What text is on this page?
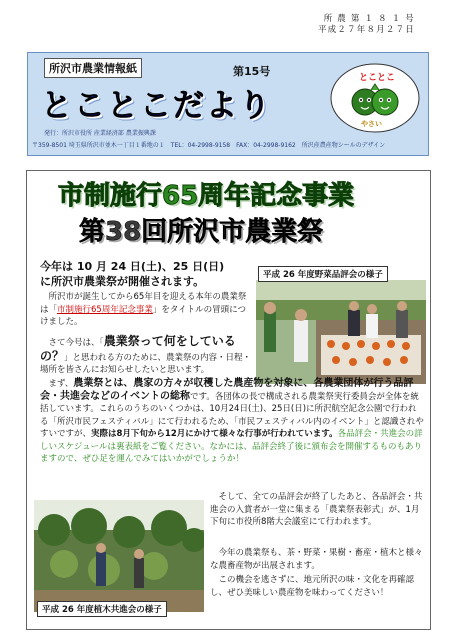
所 農 第 １ ８ １ 号
平成２７年８月２７日
所沢市農業情報紙	第15号
とことこだより
発行：所沢市役所 産業経済部 農業振興課
〒359-8501 埼玉県所沢市並木一丁目１番地の１　TEL：04-2998-9158　FAX：04-2998-9162　所沢産農産物シールのデザイン
とことこ
やさい
市制施行65周年記念事業
第38回所沢市農業祭
今年は 10 月 24 日(土)、25 日(日)
に所沢市農業祭が開催されます。
　所沢市が誕生してから65年目を迎える本年の農業祭は「市制施行65周年記念事業」をタイトルの冒頭につけました。
　さて今号は、「農業祭って何をしているの？」と思われる方のために、農業祭の内容・日程・場所を皆さんにお知らせしたいと思います。
平成 26 年度野菜品評会の様子
　まず、農業祭とは、農家の方々が収穫した農産物を対象に、各農業団体が行う品評会・共進会などのイベントの総称です。各団体の長で構成される農業祭実行委員会が全体を統括しています。これらのうちのいくつかは、10月24日(土)、25日(日)に所沢航空記念公園で行われる「所沢市民フェスティバル」にて行われるため、「市民フェスティバル内のイベント」と認識されやすいですが、実際は8月下旬から12月にかけて様々な行事が行われています。各品評会・共進会の詳しいスケジュールは裏表紙をご覧ください。なかには、品評会終了後に頒布会を開催するものもありますので、ぜひ足を運んでみてはいかがでしょうか！
平成 26 年度植木共進会の様子
　そして、全ての品評会が終了したあと、各品評会・共進会の入賞者が一堂に集まる「農業祭表彰式」が、1月下旬に市役所8階大会議室にて行われます。
　今年の農業祭も、茶・野菜・果樹・畜産・植木と様々な農畜産物が出展されます。
　この機会を逃さずに、地元所沢の味・文化を再確認し、ぜひ美味しい農産物を味わってください！
